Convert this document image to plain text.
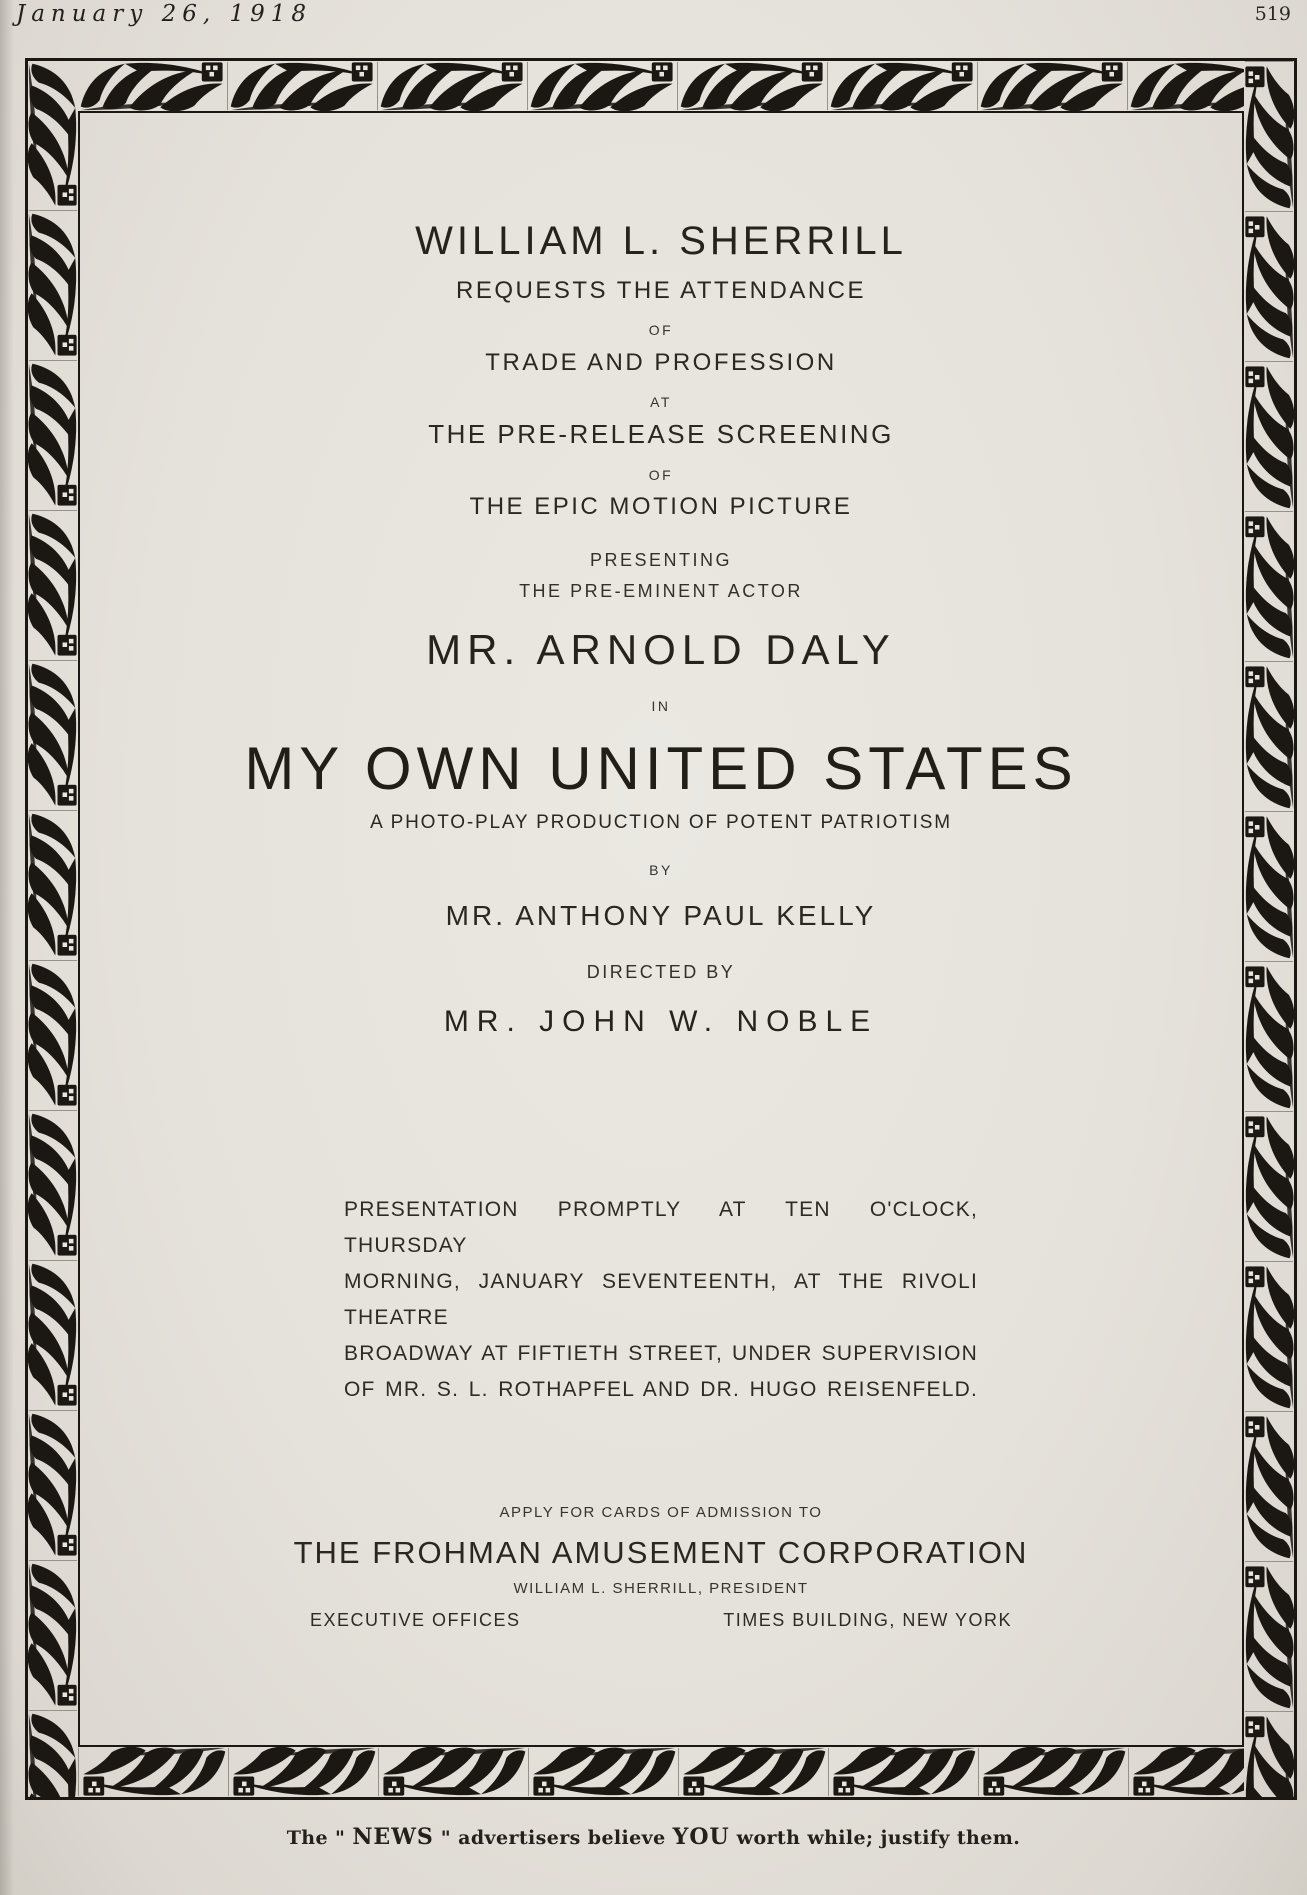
January 26, 1918	519
WILLIAM L. SHERRILL
REQUESTS THE ATTENDANCE
OF
TRADE AND PROFESSION
AT
THE PRE-RELEASE SCREENING
OF
THE EPIC MOTION PICTURE
PRESENTING
THE PRE-EMINENT ACTOR
MR. ARNOLD DALY
IN
MY OWN UNITED STATES
A PHOTO-PLAY PRODUCTION OF POTENT PATRIOTISM
BY
MR. ANTHONY PAUL KELLY
DIRECTED BY
MR. JOHN W. NOBLE
PRESENTATION PROMPTLY AT TEN O'CLOCK, THURSDAY
MORNING, JANUARY SEVENTEENTH, AT THE RIVOLI THEATRE
BROADWAY AT FIFTIETH STREET, UNDER SUPERVISION
OF MR. S. L. ROTHAPFEL AND DR. HUGO REISENFELD.
APPLY FOR CARDS OF ADMISSION TO
THE FROHMAN AMUSEMENT CORPORATION
WILLIAM L. SHERRILL, PRESIDENT
EXECUTIVE OFFICES	TIMES BUILDING, NEW YORK
The " NEWS " advertisers believe YOU worth while; justify them.
